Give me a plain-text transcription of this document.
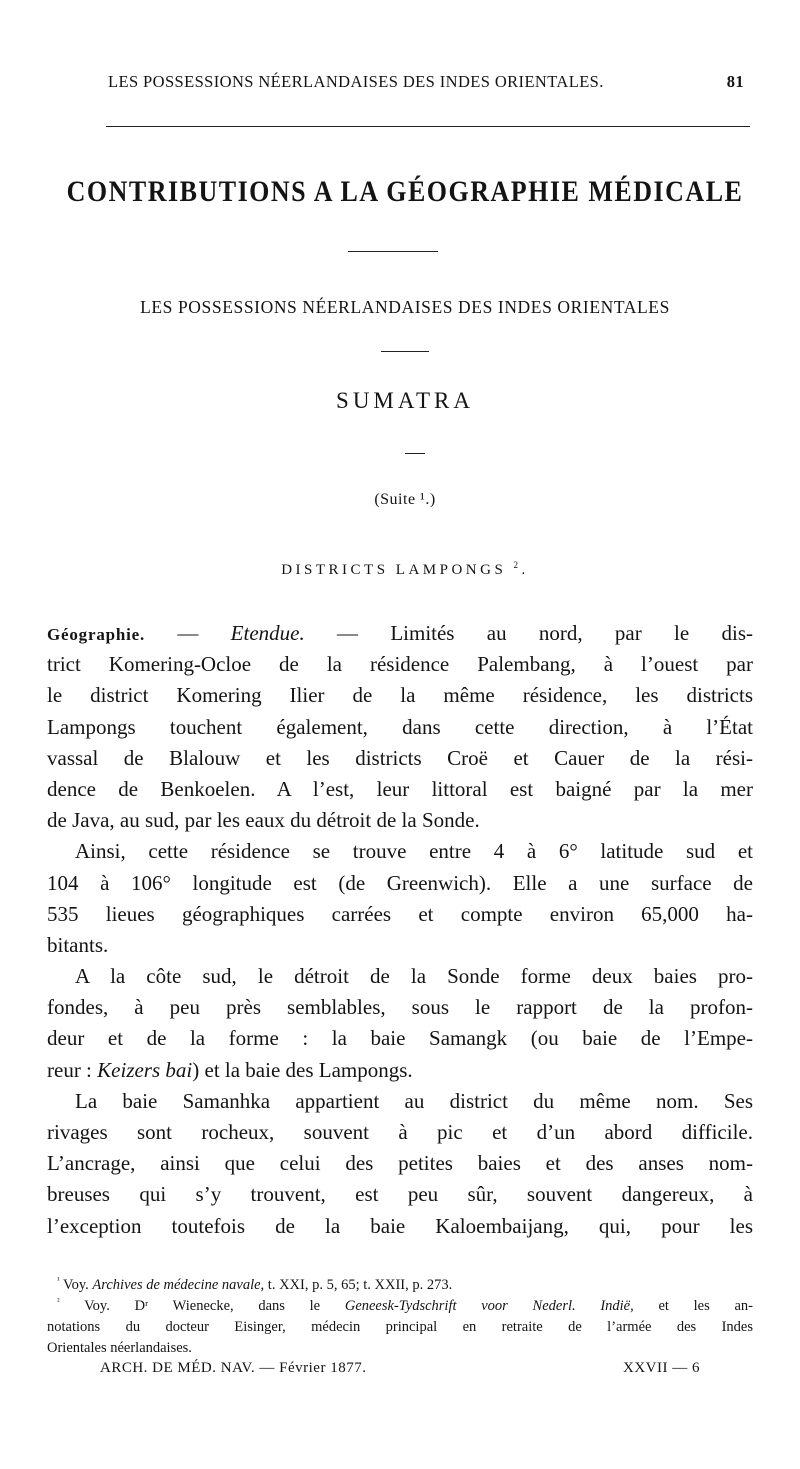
LES POSSESSIONS NÉERLANDAISES DES INDES ORIENTALES.	81
CONTRIBUTIONS A LA GÉOGRAPHIE MÉDICALE
LES POSSESSIONS NÉERLANDAISES DES INDES ORIENTALES
SUMATRA
(Suite ¹.)
DISTRICTS LAMPONGS $^2$.
Géographie. — Etendue. — Limités au nord, par le dis-
trict Komering-Ocloe de la résidence Palembang, à l’ouest par
le district Komering Ilier de la même résidence, les districts
Lampongs touchent également, dans cette direction, à l’État
vassal de Blalouw et les districts Croë et Cauer de la rési-
dence de Benkoelen. A l’est, leur littoral est baigné par la mer
de Java, au sud, par les eaux du détroit de la Sonde.
Ainsi, cette résidence se trouve entre 4 à 6° latitude sud et
104 à 106° longitude est (de Greenwich). Elle a une surface de
535 lieues géographiques carrées et compte environ 65,000 ha-
bitants.
A la côte sud, le détroit de la Sonde forme deux baies pro-
fondes, à peu près semblables, sous le rapport de la profon-
deur et de la forme : la baie Samangk (ou baie de l’Empe-
reur : Keizers bai) et la baie des Lampongs.
La baie Samanhka appartient au district du même nom. Ses
rivages sont rocheux, souvent à pic et d’un abord difficile.
L’ancrage, ainsi que celui des petites baies et des anses nom-
breuses qui s’y trouvent, est peu sûr, souvent dangereux, à
l’exception toutefois de la baie Kaloembaijang, qui, pour les
$^{^1}$ Voy. Archives de médecine navale, t. XXI, p. 5, 65; t. XXII, p. 273.
$^{^2}$ Voy. Dʳ Wienecke, dans le Genеesk-Tydschrift voor Nederl. Indië, et les an-
notations du docteur Eisinger, médecin principal en retraite de l’armée des Indes
Orientales néerlandaises.
ARCH. DE MÉD. NAV. — Février 1877.	XXVII — 6
